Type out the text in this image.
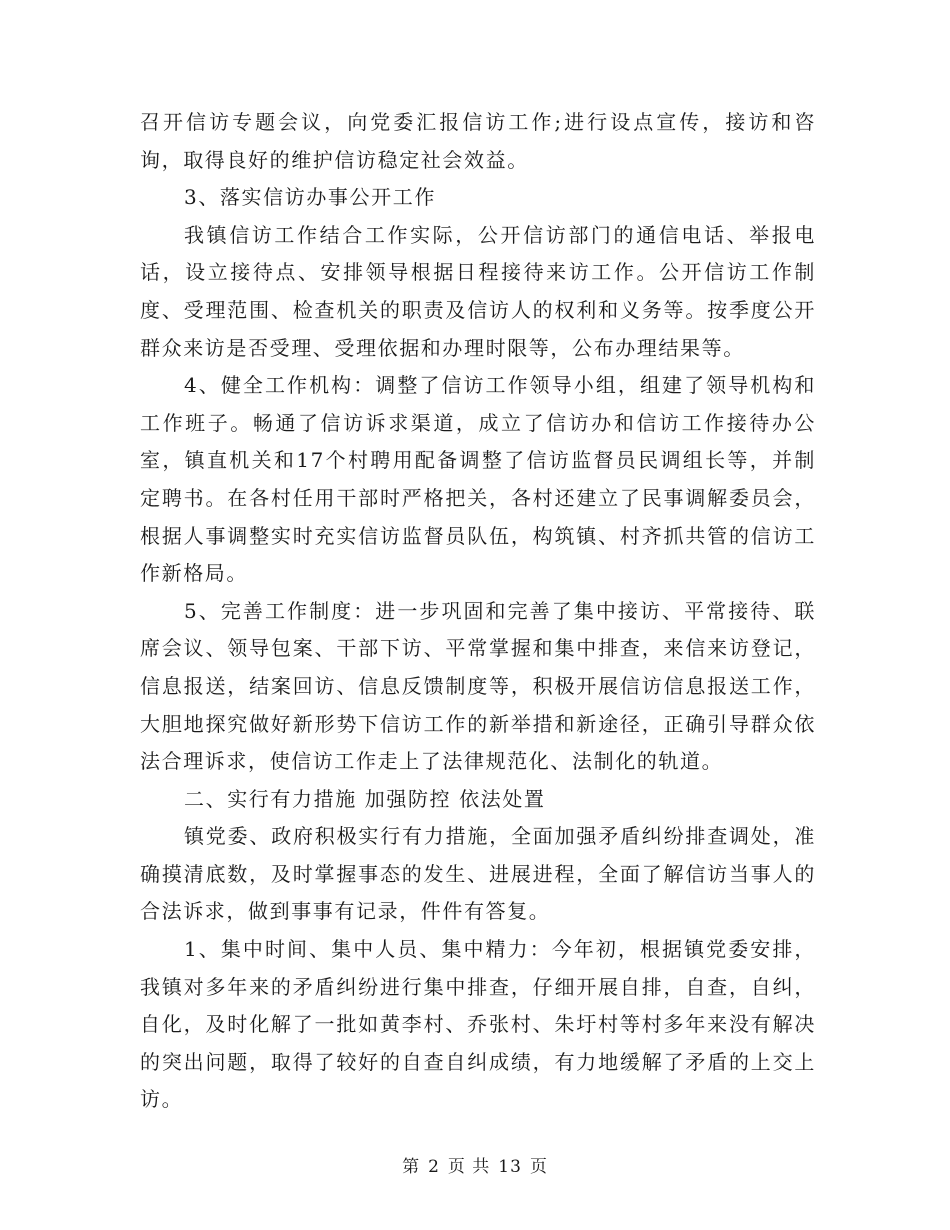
召开信访专题会议，向党委汇报信访工作;进行设点宣传，接访和咨询，取得良好的维护信访稳定社会效益。

3、落实信访办事公开工作

我镇信访工作结合工作实际，公开信访部门的通信电话、举报电话，设立接待点、安排领导根据日程接待来访工作。公开信访工作制度、受理范围、检查机关的职责及信访人的权利和义务等。按季度公开群众来访是否受理、受理依据和办理时限等，公布办理结果等。

4、健全工作机构：调整了信访工作领导小组，组建了领导机构和工作班子。畅通了信访诉求渠道，成立了信访办和信访工作接待办公室，镇直机关和17个村聘用配备调整了信访监督员民调组长等，并制定聘书。在各村任用干部时严格把关，各村还建立了民事调解委员会，根据人事调整实时充实信访监督员队伍，构筑镇、村齐抓共管的信访工作新格局。

5、完善工作制度：进一步巩固和完善了集中接访、平常接待、联席会议、领导包案、干部下访、平常掌握和集中排查，来信来访登记，信息报送，结案回访、信息反馈制度等，积极开展信访信息报送工作，大胆地探究做好新形势下信访工作的新举措和新途径，正确引导群众依法合理诉求，使信访工作走上了法律规范化、法制化的轨道。

二、实行有力措施 加强防控 依法处置

镇党委、政府积极实行有力措施，全面加强矛盾纠纷排查调处，准确摸清底数，及时掌握事态的发生、进展进程，全面了解信访当事人的合法诉求，做到事事有记录，件件有答复。

1、集中时间、集中人员、集中精力：今年初，根据镇党委安排，我镇对多年来的矛盾纠纷进行集中排查，仔细开展自排，自查，自纠，自化，及时化解了一批如黄李村、乔张村、朱圩村等村多年来没有解决的突出问题，取得了较好的自查自纠成绩，有力地缓解了矛盾的上交上访。

第 2 页 共 13 页
